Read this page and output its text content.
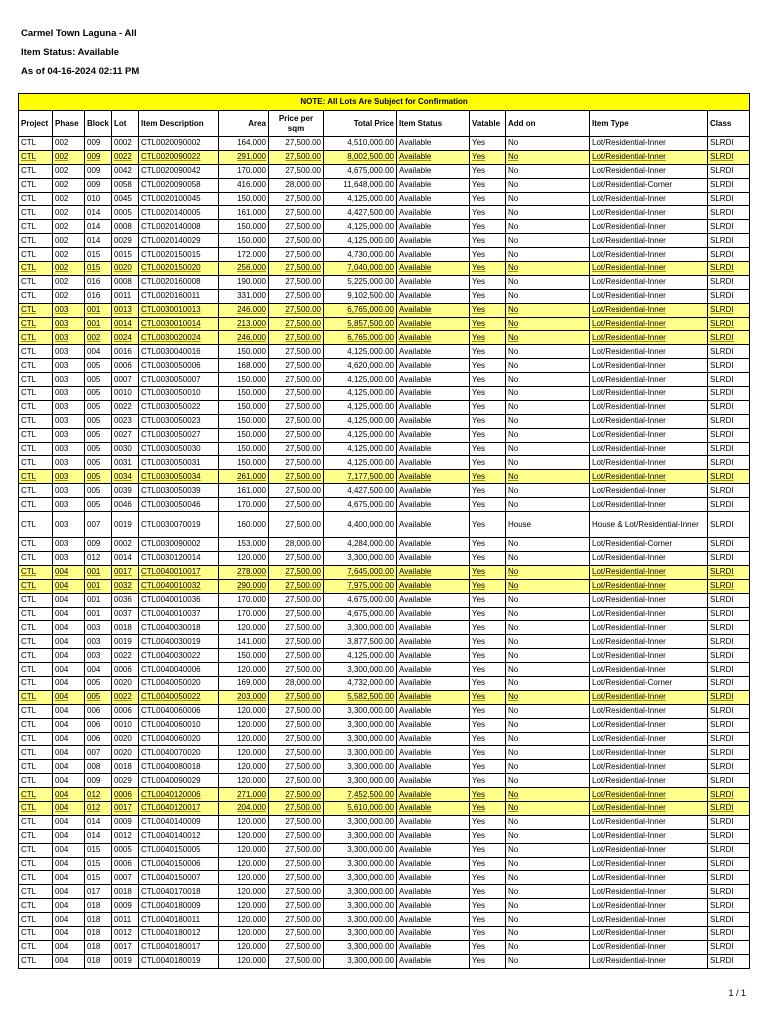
Carmel Town Laguna - All
Item Status: Available
As of 04-16-2024 02:11 PM
NOTE: All Lots Are Subject for Confirmation												
Project	Phase	Block	Lot	Item Description	Area	Price per sqm	Total Price	Item Status	Vatable	Add on	Item Type	Class
CTL	002	009	0002	CTL0020090002	164.000	27,500.00	4,510,000.00	Available	Yes	No	Lot/Residential-Inner	SLRDI
CTL	002	009	0022	CTL0020090022	291.000	27,500.00	8,002,500.00	Available	Yes	No	Lot/Residential-Inner	SLRDI
CTL	002	009	0042	CTL0020090042	170.000	27,500.00	4,675,000.00	Available	Yes	No	Lot/Residential-Inner	SLRDI
CTL	002	009	0058	CTL0020090058	416.000	28,000.00	11,648,000.00	Available	Yes	No	Lot/Residential-Corner	SLRDI
CTL	002	010	0045	CTL0020100045	150.000	27,500.00	4,125,000.00	Available	Yes	No	Lot/Residential-Inner	SLRDI
CTL	002	014	0005	CTL0020140005	161.000	27,500.00	4,427,500.00	Available	Yes	No	Lot/Residential-Inner	SLRDI
CTL	002	014	0008	CTL0020140008	150.000	27,500.00	4,125,000.00	Available	Yes	No	Lot/Residential-Inner	SLRDI
CTL	002	014	0029	CTL0020140029	150.000	27,500.00	4,125,000.00	Available	Yes	No	Lot/Residential-Inner	SLRDI
CTL	002	015	0015	CTL0020150015	172.000	27,500.00	4,730,000.00	Available	Yes	No	Lot/Residential-Inner	SLRDI
CTL	002	015	0020	CTL0020150020	256.000	27,500.00	7,040,000.00	Available	Yes	No	Lot/Residential-Inner	SLRDI
CTL	002	016	0008	CTL0020160008	190.000	27,500.00	5,225,000.00	Available	Yes	No	Lot/Residential-Inner	SLRDI
CTL	002	016	0011	CTL0020160011	331.000	27,500.00	9,102,500.00	Available	Yes	No	Lot/Residential-Inner	SLRDI
CTL	003	001	0013	CTL0030010013	246.000	27,500.00	6,765,000.00	Available	Yes	No	Lot/Residential-Inner	SLRDI
CTL	003	001	0014	CTL0030010014	213.000	27,500.00	5,857,500.00	Available	Yes	No	Lot/Residential-Inner	SLRDI
CTL	003	002	0024	CTL0030020024	246.000	27,500.00	6,765,000.00	Available	Yes	No	Lot/Residential-Inner	SLRDI
CTL	003	004	0016	CTL0030040016	150.000	27,500.00	4,125,000.00	Available	Yes	No	Lot/Residential-Inner	SLRDI
CTL	003	005	0006	CTL0030050006	168.000	27,500.00	4,620,000.00	Available	Yes	No	Lot/Residential-Inner	SLRDI
CTL	003	005	0007	CTL0030050007	150.000	27,500.00	4,125,000.00	Available	Yes	No	Lot/Residential-Inner	SLRDI
CTL	003	005	0010	CTL0030050010	150.000	27,500.00	4,125,000.00	Available	Yes	No	Lot/Residential-Inner	SLRDI
CTL	003	005	0022	CTL0030050022	150.000	27,500.00	4,125,000.00	Available	Yes	No	Lot/Residential-Inner	SLRDI
CTL	003	005	0023	CTL0030050023	150.000	27,500.00	4,125,000.00	Available	Yes	No	Lot/Residential-Inner	SLRDI
CTL	003	005	0027	CTL0030050027	150.000	27,500.00	4,125,000.00	Available	Yes	No	Lot/Residential-Inner	SLRDI
CTL	003	005	0030	CTL0030050030	150.000	27,500.00	4,125,000.00	Available	Yes	No	Lot/Residential-Inner	SLRDI
CTL	003	005	0031	CTL0030050031	150.000	27,500.00	4,125,000.00	Available	Yes	No	Lot/Residential-Inner	SLRDI
CTL	003	005	0034	CTL0030050034	261.000	27,500.00	7,177,500.00	Available	Yes	No	Lot/Residential-Inner	SLRDI
CTL	003	005	0039	CTL0030050039	161.000	27,500.00	4,427,500.00	Available	Yes	No	Lot/Residential-Inner	SLRDI
CTL	003	005	0046	CTL0030050046	170.000	27,500.00	4,675,000.00	Available	Yes	No	Lot/Residential-Inner	SLRDI
CTL	003	007	0019	CTL0030070019	160.000	27,500.00	4,400,000.00	Available	Yes	House	House & Lot/Residential-Inner	SLRDI
CTL	003	009	0002	CTL0030090002	153.000	28,000.00	4,284,000.00	Available	Yes	No	Lot/Residential-Corner	SLRDI
CTL	003	012	0014	CTL0030120014	120.000	27,500.00	3,300,000.00	Available	Yes	No	Lot/Residential-Inner	SLRDI
CTL	004	001	0017	CTL0040010017	278.000	27,500.00	7,645,000.00	Available	Yes	No	Lot/Residential-Inner	SLRDI
CTL	004	001	0032	CTL0040010032	290.000	27,500.00	7,975,000.00	Available	Yes	No	Lot/Residential-Inner	SLRDI
CTL	004	001	0036	CTL0040010036	170.000	27,500.00	4,675,000.00	Available	Yes	No	Lot/Residential-Inner	SLRDI
CTL	004	001	0037	CTL0040010037	170.000	27,500.00	4,675,000.00	Available	Yes	No	Lot/Residential-Inner	SLRDI
CTL	004	003	0018	CTL0040030018	120.000	27,500.00	3,300,000.00	Available	Yes	No	Lot/Residential-Inner	SLRDI
CTL	004	003	0019	CTL0040030019	141.000	27,500.00	3,877,500.00	Available	Yes	No	Lot/Residential-Inner	SLRDI
CTL	004	003	0022	CTL0040030022	150.000	27,500.00	4,125,000.00	Available	Yes	No	Lot/Residential-Inner	SLRDI
CTL	004	004	0006	CTL0040040006	120.000	27,500.00	3,300,000.00	Available	Yes	No	Lot/Residential-Inner	SLRDI
CTL	004	005	0020	CTL0040050020	169.000	28,000.00	4,732,000.00	Available	Yes	No	Lot/Residential-Corner	SLRDI
CTL	004	005	0022	CTL0040050022	203.000	27,500.00	5,582,500.00	Available	Yes	No	Lot/Residential-Inner	SLRDI
CTL	004	006	0006	CTL0040060006	120.000	27,500.00	3,300,000.00	Available	Yes	No	Lot/Residential-Inner	SLRDI
CTL	004	006	0010	CTL0040060010	120.000	27,500.00	3,300,000.00	Available	Yes	No	Lot/Residential-Inner	SLRDI
CTL	004	006	0020	CTL0040060020	120.000	27,500.00	3,300,000.00	Available	Yes	No	Lot/Residential-Inner	SLRDI
CTL	004	007	0020	CTL0040070020	120.000	27,500.00	3,300,000.00	Available	Yes	No	Lot/Residential-Inner	SLRDI
CTL	004	008	0018	CTL0040080018	120.000	27,500.00	3,300,000.00	Available	Yes	No	Lot/Residential-Inner	SLRDI
CTL	004	009	0029	CTL0040090029	120.000	27,500.00	3,300,000.00	Available	Yes	No	Lot/Residential-Inner	SLRDI
CTL	004	012	0006	CTL0040120006	271.000	27,500.00	7,452,500.00	Available	Yes	No	Lot/Residential-Inner	SLRDI
CTL	004	012	0017	CTL0040120017	204.000	27,500.00	5,610,000.00	Available	Yes	No	Lot/Residential-Inner	SLRDI
CTL	004	014	0009	CTL0040140009	120.000	27,500.00	3,300,000.00	Available	Yes	No	Lot/Residential-Inner	SLRDI
CTL	004	014	0012	CTL0040140012	120.000	27,500.00	3,300,000.00	Available	Yes	No	Lot/Residential-Inner	SLRDI
CTL	004	015	0005	CTL0040150005	120.000	27,500.00	3,300,000.00	Available	Yes	No	Lot/Residential-Inner	SLRDI
CTL	004	015	0006	CTL0040150006	120.000	27,500.00	3,300,000.00	Available	Yes	No	Lot/Residential-Inner	SLRDI
CTL	004	015	0007	CTL0040150007	120.000	27,500.00	3,300,000.00	Available	Yes	No	Lot/Residential-Inner	SLRDI
CTL	004	017	0018	CTL0040170018	120.000	27,500.00	3,300,000.00	Available	Yes	No	Lot/Residential-Inner	SLRDI
CTL	004	018	0009	CTL0040180009	120.000	27,500.00	3,300,000.00	Available	Yes	No	Lot/Residential-Inner	SLRDI
CTL	004	018	0011	CTL0040180011	120.000	27,500.00	3,300,000.00	Available	Yes	No	Lot/Residential-Inner	SLRDI
CTL	004	018	0012	CTL0040180012	120.000	27,500.00	3,300,000.00	Available	Yes	No	Lot/Residential-Inner	SLRDI
CTL	004	018	0017	CTL0040180017	120.000	27,500.00	3,300,000.00	Available	Yes	No	Lot/Residential-Inner	SLRDI
CTL	004	018	0019	CTL0040180019	120.000	27,500.00	3,300,000.00	Available	Yes	No	Lot/Residential-Inner	SLRDI
1 / 1
